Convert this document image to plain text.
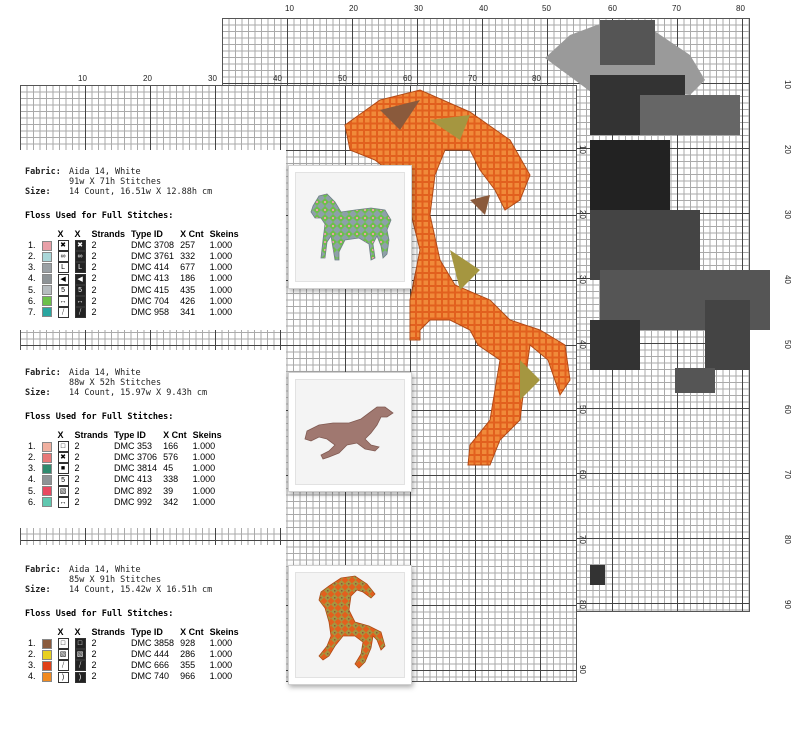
10	20	30	40	50	60	70	80
10
20
30
40
50
60
70
80
90
10	20	30	40	50	60	70	80
10
20
30
40
50
60
70
80
90
Fabric: Aida 14, White
91w X 71h Stitches
Size: 14 Count, 16.51w X 12.88h cm
Floss Used for Full Stitches:
		X	X	Strands	Type ID	X Cnt	Skeins
1.		✖	✖	2	DMC 3708	257	1.000
2.		∞	∞	2	DMC 3761	332	1.000
3.		L	L	2	DMC 414	677	1.000
4.		◀	◀	2	DMC 413	186	1.000
5.		5	5	2	DMC 415	435	1.000
6.		↔	↔	2	DMC 704	426	1.000
7.		⧸	⧸	2	DMC 958	341	1.000
Fabric: Aida 14, White
88w X 52h Stitches
Size: 14 Count, 15.97w X 9.43h cm
Floss Used for Full Stitches:
		X	Strands	Type ID	X Cnt	Skeins
1.		□	2	DMC 353	166	1.000
2.		✖	2	DMC 3706	576	1.000
3.		■	2	DMC 3814	45	1.000
4.		5	2	DMC 413	338	1.000
5.		▧	2	DMC 892	39	1.000
6.		↔	2	DMC 992	342	1.000
Fabric: Aida 14, White
85w X 91h Stitches
Size: 14 Count, 15.42w X 16.51h cm
Floss Used for Full Stitches:
		X	X	Strands	Type ID	X Cnt	Skeins
1.		□	□	2	DMC 3858	928	1.000
2.		▧	▧	2	DMC 444	286	1.000
3.		⧸	⧸	2	DMC 666	355	1.000
4.		)	)	2	DMC 740	966	1.000
